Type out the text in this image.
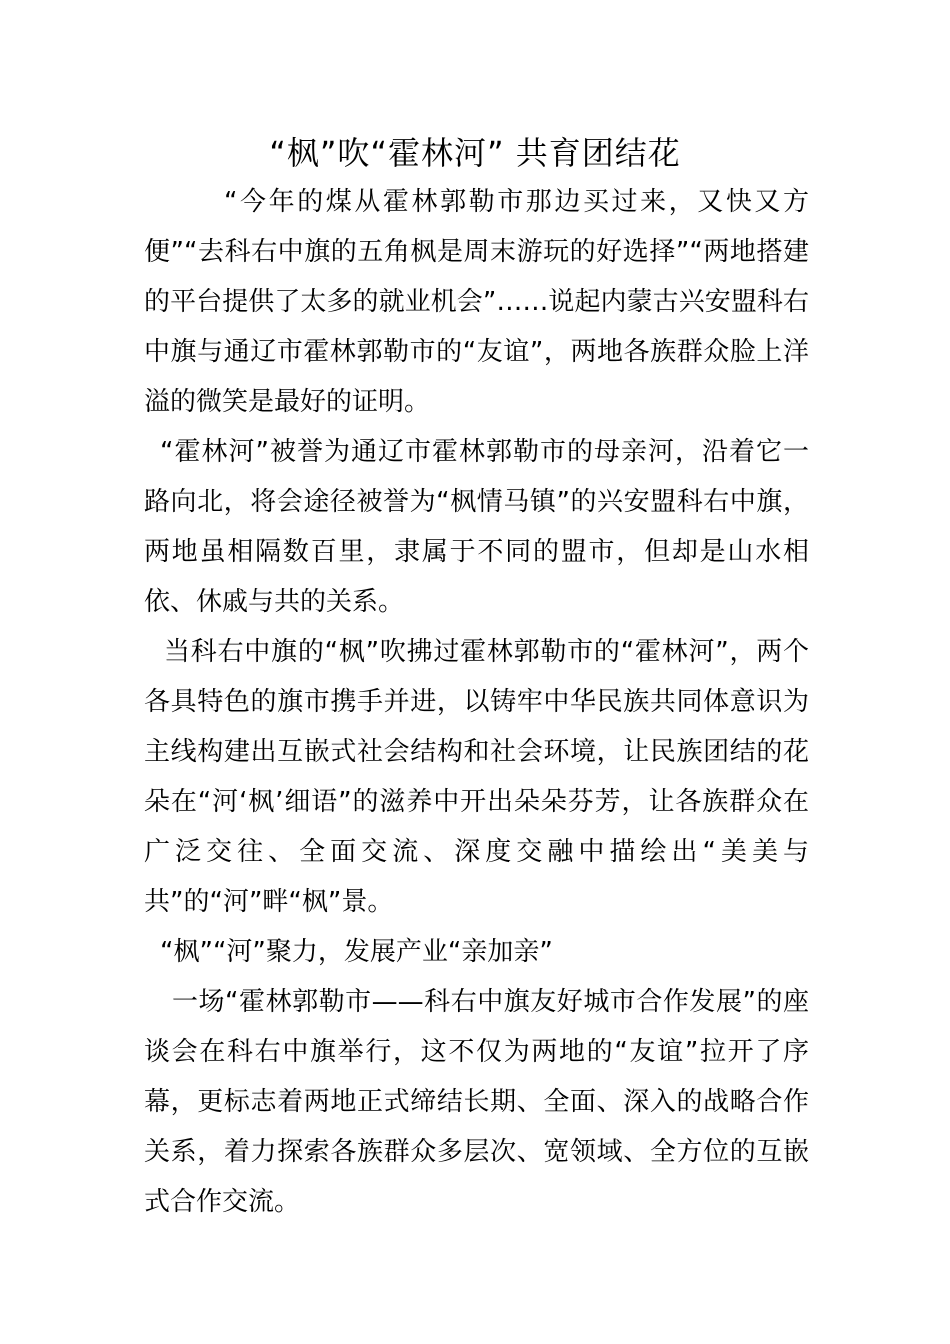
“枫”吹“霍林河” 共育团结花

“今年的煤从霍林郭勒市那边买过来，又快又方便”“去科右中旗的五角枫是周末游玩的好选择”“两地搭建的平台提供了太多的就业机会”……说起内蒙古兴安盟科右中旗与通辽市霍林郭勒市的“友谊”，两地各族群众脸上洋溢的微笑是最好的证明。

“霍林河”被誉为通辽市霍林郭勒市的母亲河，沿着它一路向北，将会途径被誉为“枫情马镇”的兴安盟科右中旗，两地虽相隔数百里，隶属于不同的盟市，但却是山水相依、休戚与共的关系。

当科右中旗的“枫”吹拂过霍林郭勒市的“霍林河”，两个各具特色的旗市携手并进，以铸牢中华民族共同体意识为主线构建出互嵌式社会结构和社会环境，让民族团结的花朵在“河‘枫’细语”的滋养中开出朵朵芬芳，让各族群众在广泛交往、全面交流、深度交融中描绘出“美美与共”的“河”畔“枫”景。

“枫”“河”聚力，发展产业“亲加亲”

一场“霍林郭勒市——科右中旗友好城市合作发展”的座谈会在科右中旗举行，这不仅为两地的“友谊”拉开了序幕，更标志着两地正式缔结长期、全面、深入的战略合作关系，着力探索各族群众多层次、宽领域、全方位的互嵌式合作交流。
